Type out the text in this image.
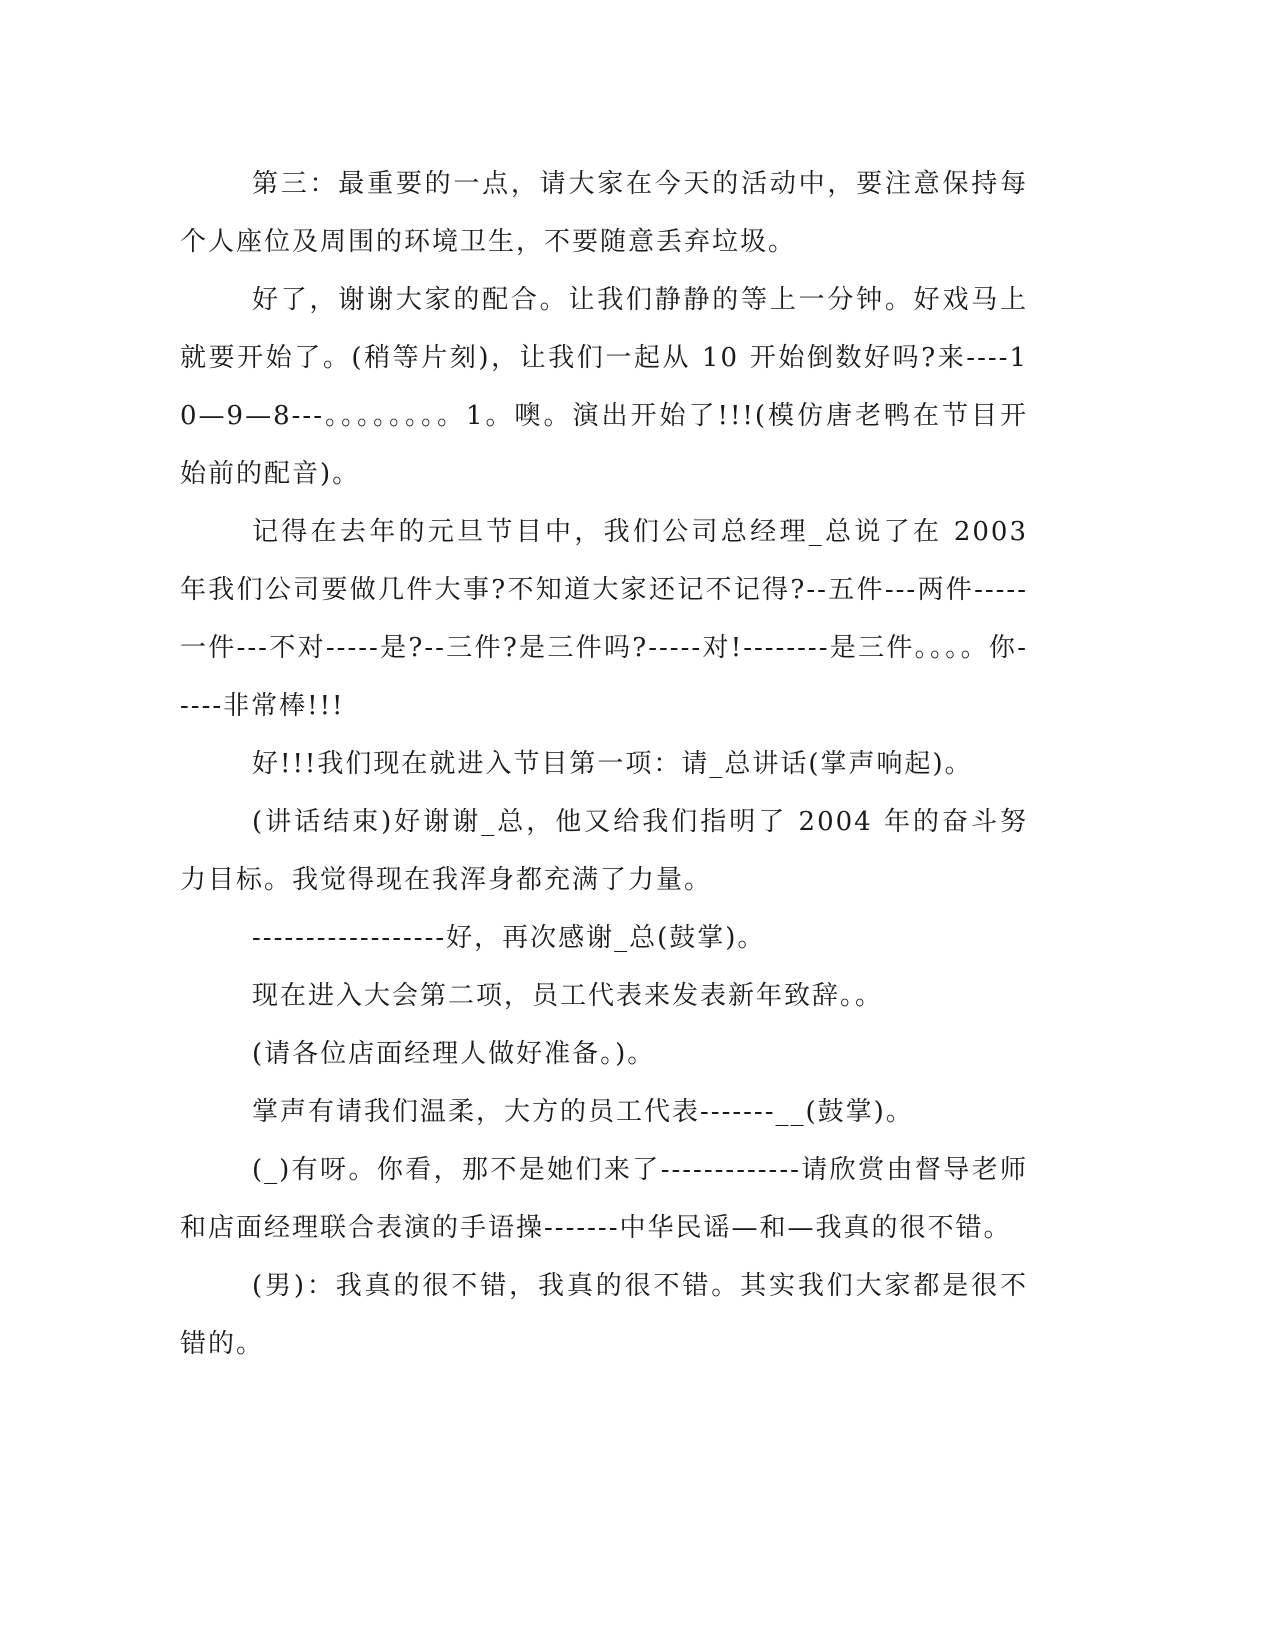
第三：最重要的一点，请大家在今天的活动中，要注意保持每个人座位及周围的环境卫生，不要随意丢弃垃圾。

好了，谢谢大家的配合。让我们静静的等上一分钟。好戏马上就要开始了。(稍等片刻)，让我们一起从 10 开始倒数好吗?来----10—9—8---。。。。。。。。1。噢。演出开始了!!!(模仿唐老鸭在节目开始前的配音)。

记得在去年的元旦节目中，我们公司总经理_总说了在 2003 年我们公司要做几件大事?不知道大家还记不记得?--五件---两件-----一件---不对-----是?--三件?是三件吗?-----对!--------是三件。。。。你-----非常棒!!!

好!!!我们现在就进入节目第一项：请_总讲话(掌声响起)。

(讲话结束)好谢谢_总，他又给我们指明了 2004 年的奋斗努力目标。我觉得现在我浑身都充满了力量。

------------------好，再次感谢_总(鼓掌)。

现在进入大会第二项，员工代表来发表新年致辞。。

(请各位店面经理人做好准备。)。

掌声有请我们温柔，大方的员工代表-------__(鼓掌)。

(_)有呀。你看，那不是她们来了-------------请欣赏由督导老师和店面经理联合表演的手语操-------中华民谣—和—我真的很不错。

(男)：我真的很不错，我真的很不错。其实我们大家都是很不错的。
